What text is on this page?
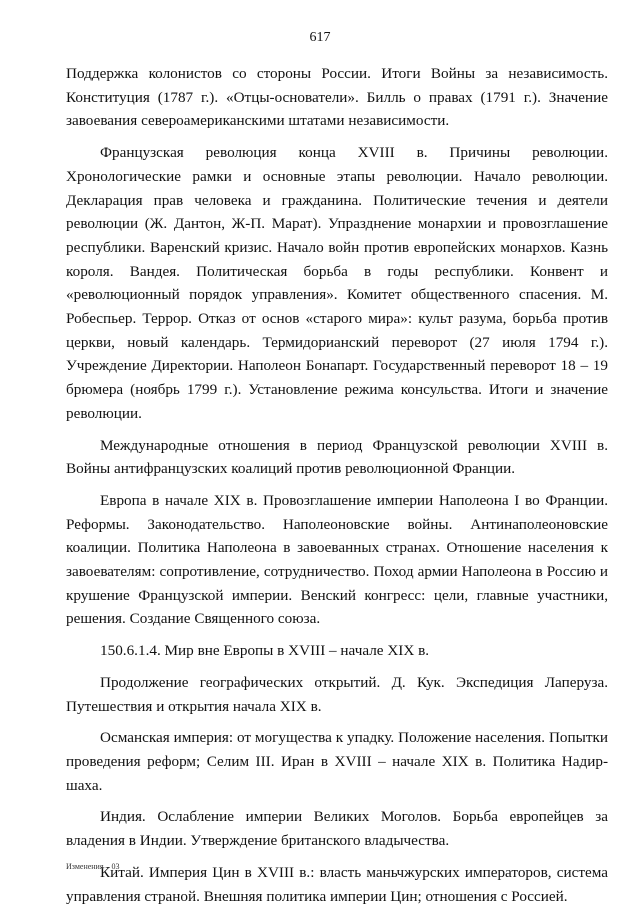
617

Поддержка колонистов со стороны России. Итоги Войны за независимость. Конституция (1787 г.). «Отцы-основатели». Билль о правах (1791 г.). Значение завоевания североамериканскими штатами независимости.

Французская революция конца XVIII в. Причины революции. Хронологические рамки и основные этапы революции. Начало революции. Декларация прав человека и гражданина. Политические течения и деятели революции (Ж. Дантон, Ж-П. Марат). Упразднение монархии и провозглашение республики. Варенский кризис. Начало войн против европейских монархов. Казнь короля. Вандея. Политическая борьба в годы республики. Конвент и «революционный порядок управления». Комитет общественного спасения. М. Робеспьер. Террор. Отказ от основ «старого мира»: культ разума, борьба против церкви, новый календарь. Термидорианский переворот (27 июля 1794 г.). Учреждение Директории. Наполеон Бонапарт. Государственный переворот 18 – 19 брюмера (ноябрь 1799 г.). Установление режима консульства. Итоги и значение революции.

Международные отношения в период Французской революции XVIII в. Войны антифранцузских коалиций против революционной Франции.

Европа в начале XIX в. Провозглашение империи Наполеона I во Франции. Реформы. Законодательство. Наполеоновские войны. Антинаполеоновские коалиции. Политика Наполеона в завоеванных странах. Отношение населения к завоевателям: сопротивление, сотрудничество. Поход армии Наполеона в Россию и крушение Французской империи. Венский конгресс: цели, главные участники, решения. Создание Священного союза.

150.6.1.4. Мир вне Европы в XVIII – начале XIX в.

Продолжение географических открытий. Д. Кук. Экспедиция Лаперуза. Путешествия и открытия начала XIX в.

Османская империя: от могущества к упадку. Положение населения. Попытки проведения реформ; Селим III. Иран в XVIII – начале XIX в. Политика Надир-шаха.

Индия. Ослабление империи Великих Моголов. Борьба европейцев за владения в Индии. Утверждение британского владычества.

Китай. Империя Цин в XVIII в.: власть маньчжурских императоров, система управления страной. Внешняя политика империи Цин; отношения с Россией.

Изменения – 03
